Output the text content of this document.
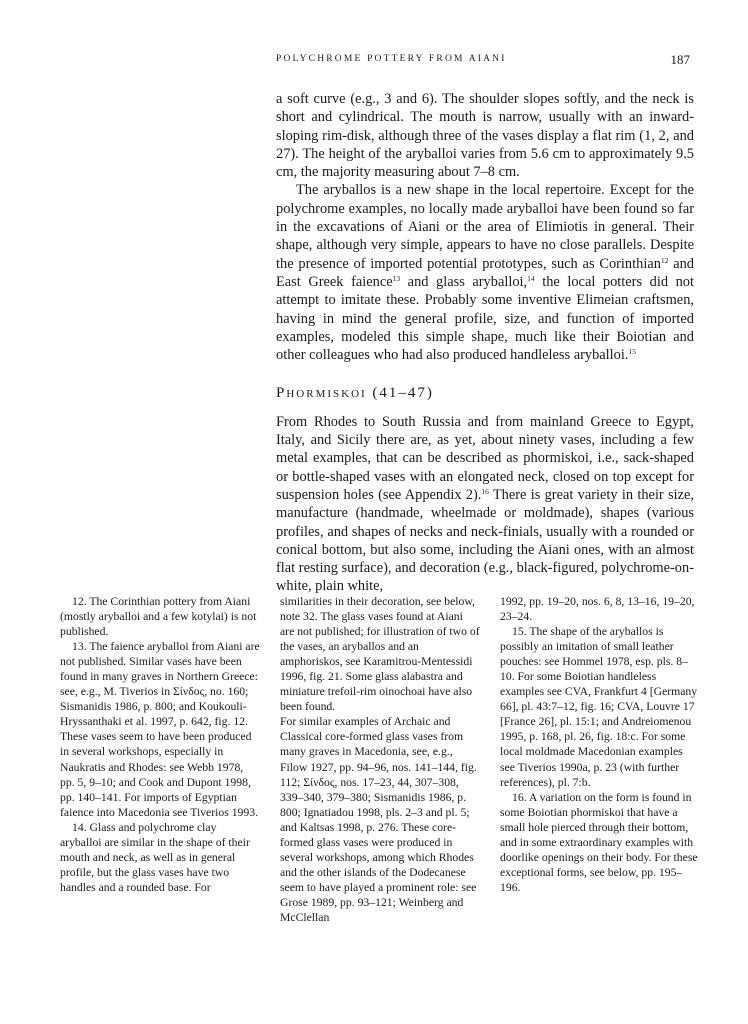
POLYCHROME POTTERY FROM AIANI	187

a soft curve (e.g., 3 and 6). The shoulder slopes softly, and the neck is short and cylindrical. The mouth is narrow, usually with an inward-sloping rim-disk, although three of the vases display a flat rim (1, 2, and 27). The height of the aryballoi varies from 5.6 cm to approximately 9.5 cm, the majority measuring about 7–8 cm.

The aryballos is a new shape in the local repertoire. Except for the polychrome examples, no locally made aryballoi have been found so far in the excavations of Aiani or the area of Elimiotis in general. Their shape, although very simple, appears to have no close parallels. Despite the presence of imported potential prototypes, such as Corinthian$^{12}$ and East Greek faience$^{13}$ and glass aryballoi,$^{14}$ the local potters did not attempt to imitate these. Probably some inventive Elimeian craftsmen, having in mind the general profile, size, and function of imported examples, modeled this simple shape, much like their Boiotian and other colleagues who had also produced handleless aryballoi.$^{15}$

Phormiskoi (41–47)

From Rhodes to South Russia and from mainland Greece to Egypt, Italy, and Sicily there are, as yet, about ninety vases, including a few metal examples, that can be described as phormiskoi, i.e., sack-shaped or bottle-shaped vases with an elongated neck, closed on top except for suspension holes (see Appendix 2).$^{16}$ There is great variety in their size, manufacture (handmade, wheelmade or moldmade), shapes (various profiles, and shapes of necks and neck-finials, usually with a rounded or conical bottom, but also some, including the Aiani ones, with an almost flat resting surface), and decoration (e.g., black-figured, polychrome-on-white, plain white,

12. The Corinthian pottery from Aiani (mostly aryballoi and a few kotylai) is not published.

13. The faience aryballoi from Aiani are not published. Similar vases have been found in many graves in Northern Greece: see, e.g., M. Tiverios in Σίνδος, no. 160; Sismanidis 1986, p. 800; and Koukouli-Hryssanthaki et al. 1997, p. 642, fig. 12. These vases seem to have been produced in several workshops, especially in Naukratis and Rhodes: see Webb 1978, pp. 5, 9–10; and Cook and Dupont 1998, pp. 140–141. For imports of Egyptian faience into Macedonia see Tiverios 1993.

14. Glass and polychrome clay aryballoi are similar in the shape of their mouth and neck, as well as in general profile, but the glass vases have two handles and a rounded base. For

similarities in their decoration, see below, note 32. The glass vases found at Aiani are not published; for illustration of two of the vases, an aryballos and an amphoriskos, see Karamitrou-Mentessidi 1996, fig. 21. Some glass alabastra and miniature trefoil-rim oinochoai have also been found.

For similar examples of Archaic and Classical core-formed glass vases from many graves in Macedonia, see, e.g., Filow 1927, pp. 94–96, nos. 141–144, fig. 112; Σίνδος, nos. 17–23, 44, 307–308, 339–340, 379–380; Sismanidis 1986, p. 800; Ignatiadou 1998, pls. 2–3 and pl. 5; and Kaltsas 1998, p. 276. These core-formed glass vases were produced in several workshops, among which Rhodes and the other islands of the Dodecanese seem to have played a prominent role: see Grose 1989, pp. 93–121; Weinberg and McClellan

1992, pp. 19–20, nos. 6, 8, 13–16, 19–20, 23–24.

15. The shape of the aryballos is possibly an imitation of small leather pouches: see Hommel 1978, esp. pls. 8–10. For some Boiotian handleless examples see CVA, Frankfurt 4 [Germany 66], pl. 43:7–12, fig. 16; CVA, Louvre 17 [France 26], pl. 15:1; and Andreiomenou 1995, p. 168, pl. 26, fig. 18:c. For some local moldmade Macedonian examples see Tiverios 1990a, p. 23 (with further references), pl. 7:b.

16. A variation on the form is found in some Boiotian phormiskoi that have a small hole pierced through their bottom, and in some extraordinary examples with doorlike openings on their body. For these exceptional forms, see below, pp. 195–196.
